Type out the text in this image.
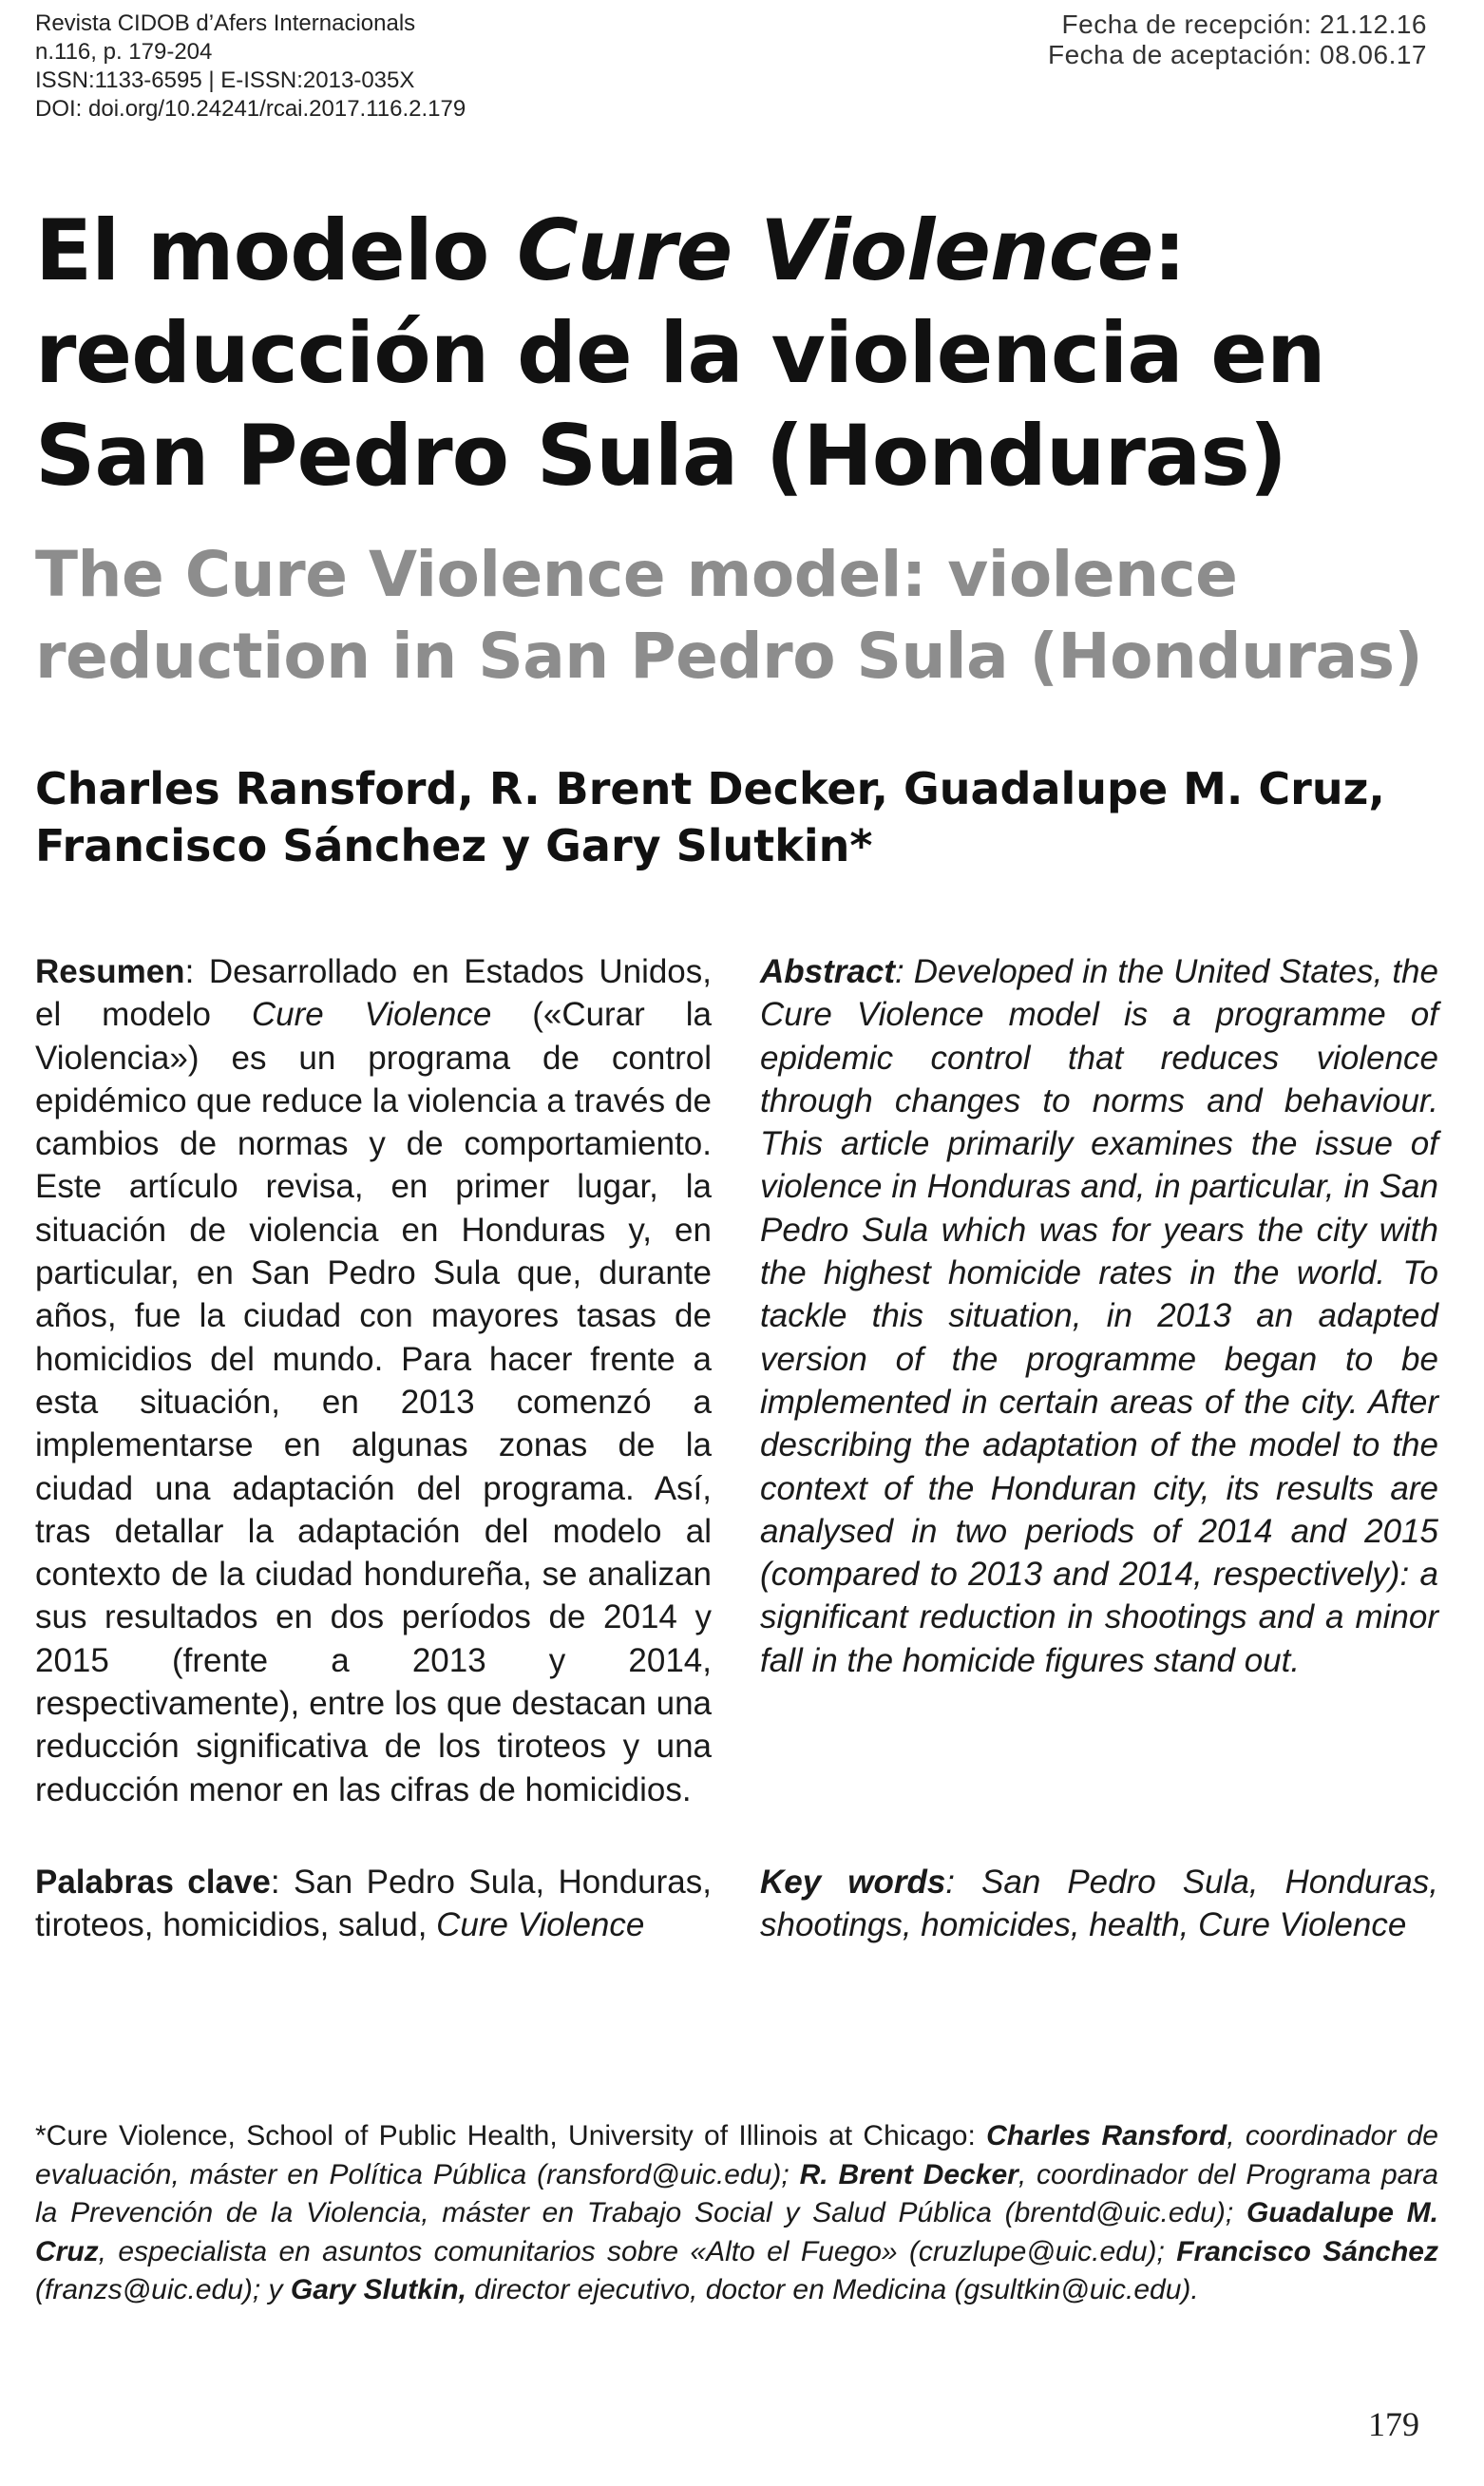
Revista CIDOB d’Afers Internacionals
n.116, p. 179-204
ISSN:1133-6595 | E-ISSN:2013-035X
DOI: doi.org/10.24241/rcai.2017.116.2.179
Fecha de recepción: 21.12.16
Fecha de aceptación: 08.06.17
El modelo Cure Violence:
reducción de la violencia en
San Pedro Sula (Honduras)
The Cure Violence model: violence
reduction in San Pedro Sula (Honduras)
Charles Ransford, R. Brent Decker, Guadalupe M. Cruz,
Francisco Sánchez y Gary Slutkin*
Resumen: Desarrollado en Estados Unidos, el modelo Cure Violence («Curar la Violencia») es un programa de control epidémico que reduce la violencia a través de cambios de normas y de comportamiento. Este artículo revisa, en primer lugar, la situación de violencia en Honduras y, en particular, en San Pedro Sula que, durante años, fue la ciudad con mayores tasas de homicidios del mundo. Para hacer frente a esta situación, en 2013 comenzó a implementarse en algunas zonas de la ciudad una adaptación del programa. Así, tras detallar la adaptación del modelo al contexto de la ciudad hondureña, se analizan sus resultados en dos períodos de 2014 y 2015 (frente a 2013 y 2014, respectivamente), entre los que destacan una reducción significativa de los tiroteos y una reducción menor en las cifras de homicidios.
Abstract: Developed in the United States, the Cure Violence model is a programme of epidemic control that reduces violence through changes to norms and behaviour. This article primarily examines the issue of violence in Honduras and, in particular, in San Pedro Sula which was for years the city with the highest homicide rates in the world. To tackle this situation, in 2013 an adapted version of the programme began to be implemented in certain areas of the city. After describing the adaptation of the model to the context of the Honduran city, its results are analysed in two periods of 2014 and 2015 (compared to 2013 and 2014, respectively): a significant reduction in shootings and a minor fall in the homicide figures stand out.
Palabras clave: San Pedro Sula, Honduras, tiroteos, homicidios, salud, Cure Violence
Key words: San Pedro Sula, Honduras, shootings, homicides, health, Cure Violence
*Cure Violence, School of Public Health, University of Illinois at Chicago: Charles Ransford, coordinador de evaluación, máster en Política Pública (ransford@uic.edu); R. Brent Decker, coordinador del Programa para la Prevención de la Violencia, máster en Trabajo Social y Salud Pública (brentd@uic.edu); Guadalupe M. Cruz, especialista en asuntos comunitarios sobre «Alto el Fuego» (cruzlupe@uic.edu); Francisco Sánchez (franzs@uic.edu); y Gary Slutkin, director ejecutivo, doctor en Medicina (gsultkin@uic.edu).
179
